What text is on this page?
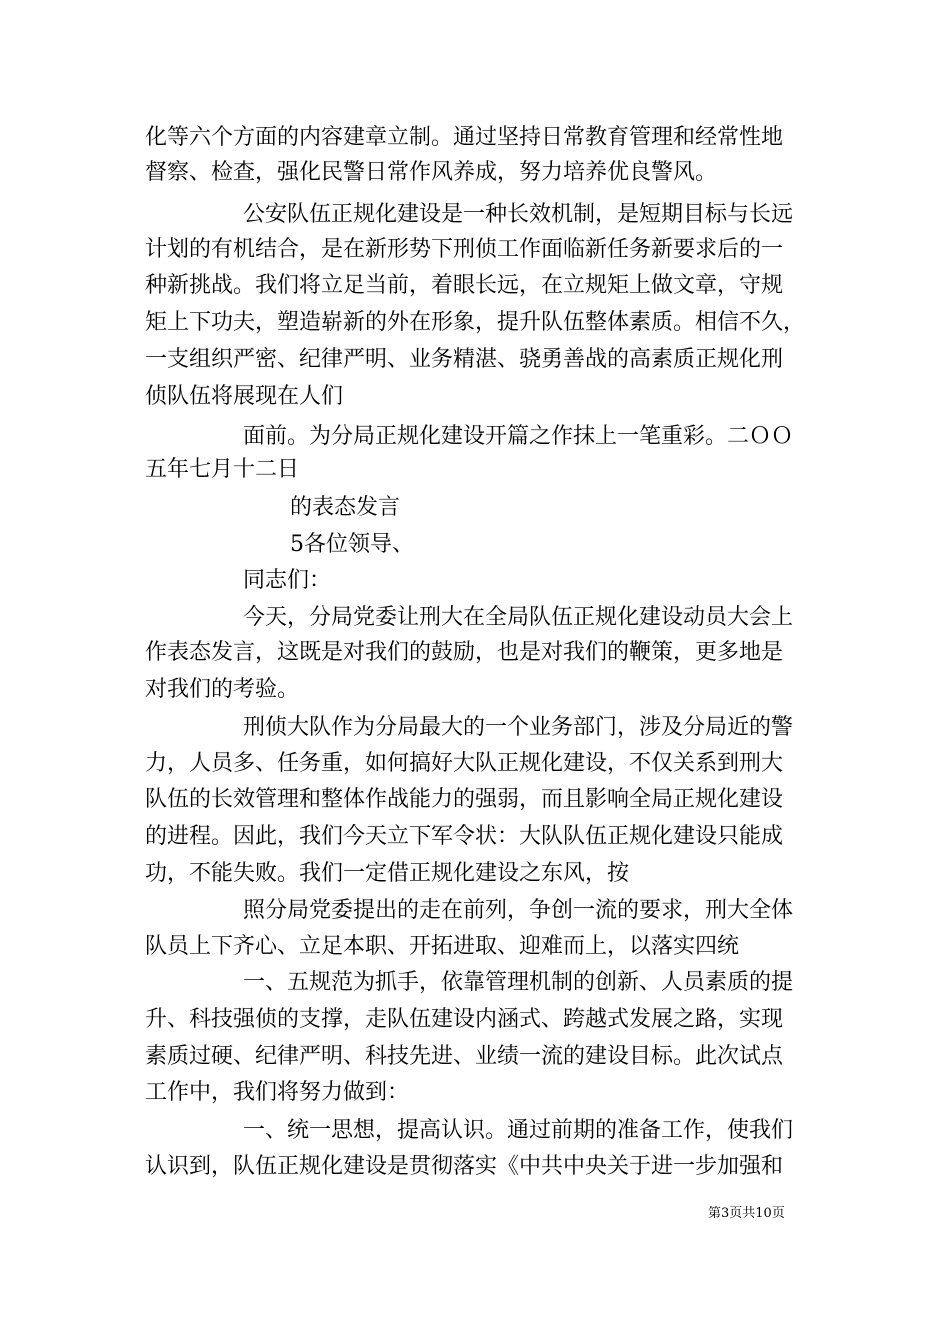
化等六个方面的内容建章立制。通过坚持日常教育管理和经常性地
督察、检查，强化民警日常作风养成，努力培养优良警风。
公安队伍正规化建设是一种长效机制，是短期目标与长远
计划的有机结合，是在新形势下刑侦工作面临新任务新要求后的一
种新挑战。我们将立足当前，着眼长远，在立规矩上做文章，守规
矩上下功夫，塑造崭新的外在形象，提升队伍整体素质。相信不久，
一支组织严密、纪律严明、业务精湛、骁勇善战的高素质正规化刑
侦队伍将展现在人们
面前。为分局正规化建设开篇之作抹上一笔重彩。二ＯＯ
五年七月十二日
的表态发言
5各位领导、
同志们：
今天，分局党委让刑大在全局队伍正规化建设动员大会上
作表态发言，这既是对我们的鼓励，也是对我们的鞭策，更多地是
对我们的考验。
刑侦大队作为分局最大的一个业务部门，涉及分局近的警
力，人员多、任务重，如何搞好大队正规化建设，不仅关系到刑大
队伍的长效管理和整体作战能力的强弱，而且影响全局正规化建设
的进程。因此，我们今天立下军令状：大队队伍正规化建设只能成
功，不能失败。我们一定借正规化建设之东风，按
照分局党委提出的走在前列，争创一流的要求，刑大全体
队员上下齐心、立足本职、开拓进取、迎难而上，以落实四统
一、五规范为抓手，依靠管理机制的创新、人员素质的提
升、科技强侦的支撑，走队伍建设内涵式、跨越式发展之路，实现
素质过硬、纪律严明、科技先进、业绩一流的建设目标。此次试点
工作中，我们将努力做到：
一、统一思想，提高认识。通过前期的准备工作，使我们
认识到，队伍正规化建设是贯彻落实《中共中央关于进一步加强和
第3页共10页
